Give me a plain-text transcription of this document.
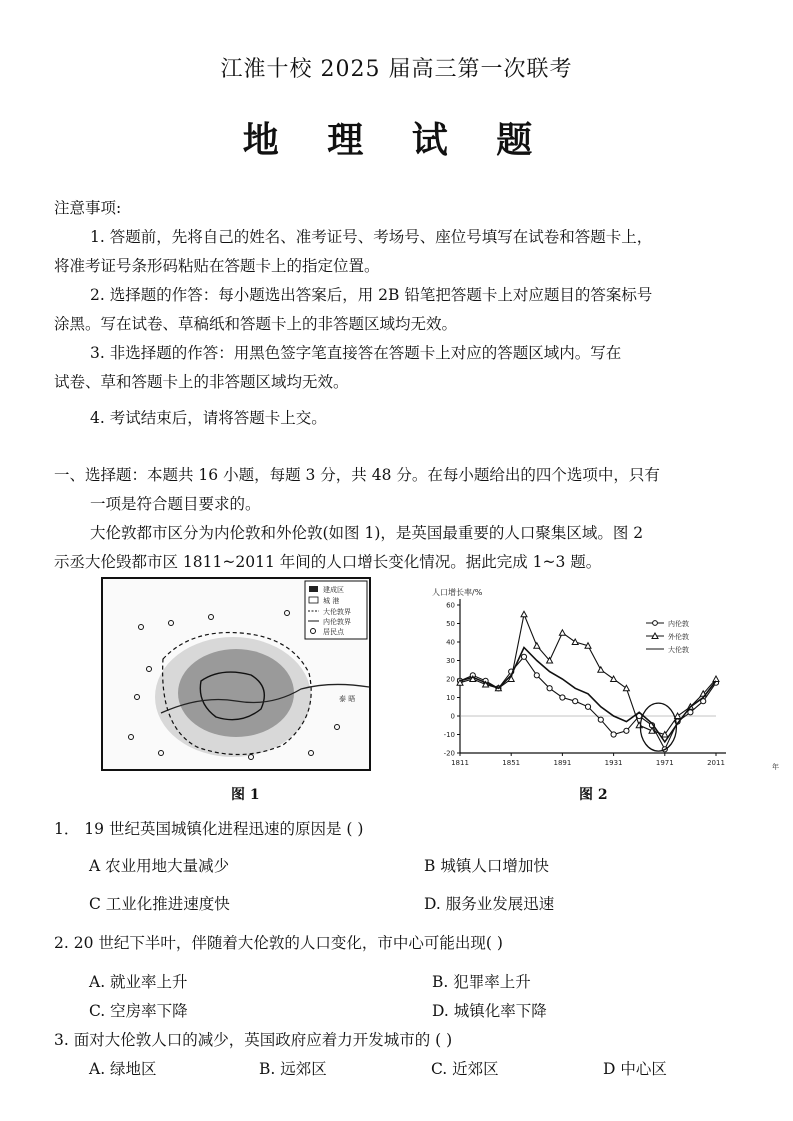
江淮十校 2025 届高三第一次联考
地 理 试 题
注意事项:
1. 答题前，先将自己的姓名、准考证号、考场号、座位号填写在试卷和答题卡上，
将准考证号条形码粘贴在答题卡上的指定位置。
2. 选择题的作答：每小题选出答案后，用 2B 铅笔把答题卡上对应题目的答案标号
涂黑。写在试卷、草稿纸和答题卡上的非答题区域均无效。
3. 非选择题的作答：用黑色签字笔直接答在答题卡上对应的答题区域内。写在
试卷、草和答题卡上的非答题区域均无效。
4. 考试结束后，请将答题卡上交。
一、选择题：本题共 16 小题，每题 3 分，共 48 分。在每小题给出的四个选项中，只有
一项是符合题目要求的。
大伦敦都市区分为内伦敦和外伦敦(如图 1)，是英国最重要的人口聚集区域。图 2
示丞大伦毁都市区 1811~2011 年间的人口增长变化情况。据此完成 1~3 题。
建成区
城 港
大伦敦界
内伦敦界
居民点
泰 晤
图 1
人口增长率/%
年
60
50
40
30
20
10
0
-10
-20
1811	1851	1891	1931	1971	2011
内伦敦
外伦敦
大伦敦
图 2
1． 19 世纪英国城镇化进程迅速的原因是 ( )
A 农业用地大量减少	B 城镇人口增加快
C 工业化推进速度快	D. 服务业发展迅速
2. 20 世纪下半叶，伴随着大伦敦的人口变化，市中心可能出现( )
A. 就业率上升	B. 犯罪率上升
C. 空房率下降	D. 城镇化率下降
3. 面对大伦敦人口的减少，英国政府应着力开发城市的 ( )
A. 绿地区	B. 远郊区	C. 近郊区	D 中心区
